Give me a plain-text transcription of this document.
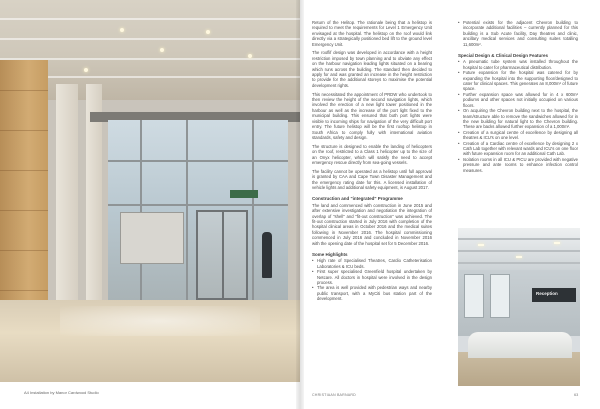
A4 Installation by Manor Cardwood Studio

Return of the Helitop. The rationale being that a helistop is required to meet the requirements for Level 1 Emergency Unit envisaged at the hospital. The helistop on the roof would link directly via a strategically positioned bed lift to the ground level Emergency Unit.

The rooflif design was developed in accordance with a height restriction imposed by town planning and to obviate any effect on the harbour navigation leading lights situated on a bearing which runs across the building. The standard then decided to apply for and was granted an increase in the height restriction to provide for the additional storeys to maximise the potential development rights.

This necessitated the appointment of PRDW who undertook to then review the height of the second navigation lights, which involved the erection of a new light tower positioned in the harbour as well as the increase of the port light fixed to the municipal building. This ensured that both port lights were visible to incoming ships for navigation of the very difficult port entry. The future helistop will be the first rooftop helistop in South Africa to comply fully with international aviation standards, safety and design.

The structure is designed to enable the landing of helicopters on the roof, restricted to a Class 1 helicopter up to the size of an Onyx helicopter, which will satisfy the need to accept emergency rescue directly from sea-going vessels.

The facility cannot be operated as a helistop until full approval is granted by CAA and Cape Town Disaster Management and the emergency rating date for this. A licensed installation of vehicle lights and additional safety equipment, is August 2017.

Construction and "integrated" Programme

The land and commenced with construction in June 2015 and after extensive investigation and negotiation the integration of overlap of "shell" and "fit-out construction" was achieved. The fit-out construction started in July 2016 with completion of the hospital clinical areas in October 2016 and the medical suites following in November 2016. The hospital commissioning commenced in July 2016 and concluded in November 2016 with the opening date of the hospital set for 5 December 2016.

Some Highlights
• High rate of Specialised Theatres, Cardio Catheterisation Laboratories & ICU beds.
• First super specialised Greenfield hospital undertaken by Netcare. All doctors in hospital were involved in the design process.
• The area is well provided with pedestrian ways and nearby public transport, with a MyCiti bus station part of the development.
• Potential exists for the adjacent Chevron building to incorporate additional facilities – currently planned for this building is a Sub Acute facility, Day theatres and clinic, ancillary medical services and consulting suites totalling 11,600m².
Special Design & Clinical Design Features
• A pneumatic tube system was installed throughout the hospital to cater for pharmaceutical distribution.
• Future expansion for the hospital was catered for by expanding the hospital into the supporting floor/designed to cater for clinical spaces. This generates an 8,000m² of future space.
• Further expansion space was allowed for in 4 x 600m² podiums and other spaces not initially occupied on various floors.
• On acquiring the Chevron building next to the hospital, the team/structure able to remove the sandwiches allowed for in the new building for natural light to the Chevron building. These are backs allowed further expansion of a 1,000m².
• Creation of a surgical centre of excellence by designing all theatres & ICU's on one level.
• Creation of a Cardiac centre of excellence by designing 2 x Cath Lab together with relevant wards and ICU's on one floor with future expansion room for an additional Cath Lab.
• Isolation rooms in all ICU & PICU are provided with negative pressure and ante rooms to enhance infection control measures.
Reception
CHRISTIAAN BARNARD	63
